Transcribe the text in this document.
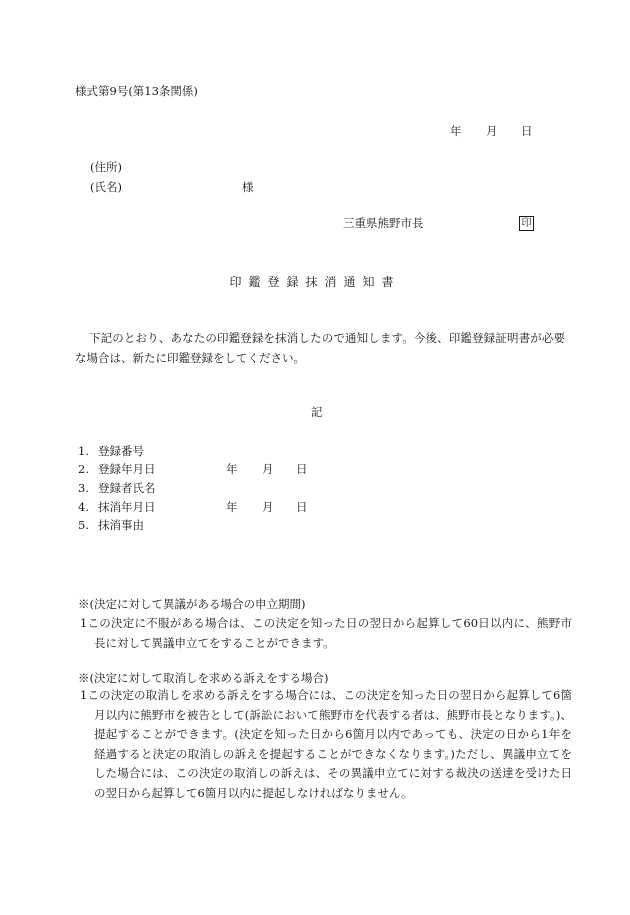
様式第9号(第13条関係)
年 月 日
(住所)
(氏名)	様
三重県熊野市長	印
印鑑登録抹消通知書
下記のとおり、あなたの印鑑登録を抹消したので通知します。今後、印鑑登録証明書が必要な場合は、新たに印鑑登録をしてください。
記
1. 登録番号
2. 登録年月日	年 月 日
3. 登録者氏名
4. 抹消年月日	年 月 日
5. 抹消事由
※(決定に対して異議がある場合の申立期間)
1この決定に不服がある場合は、この決定を知った日の翌日から起算して60日以内に、熊野市長に対して異議申立てをすることができます。
※(決定に対して取消しを求める訴えをする場合)
1この決定の取消しを求める訴えをする場合には、この決定を知った日の翌日から起算して6箇月以内に熊野市を被告として(訴訟において熊野市を代表する者は、熊野市長となります。)、提起することができます。(決定を知った日から6箇月以内であっても、決定の日から1年を経過すると決定の取消しの訴えを提起することができなくなります。)ただし、異議申立てをした場合には、この決定の取消しの訴えは、その異議申立てに対する裁決の送達を受けた日の翌日から起算して6箇月以内に提起しなければなりません。
